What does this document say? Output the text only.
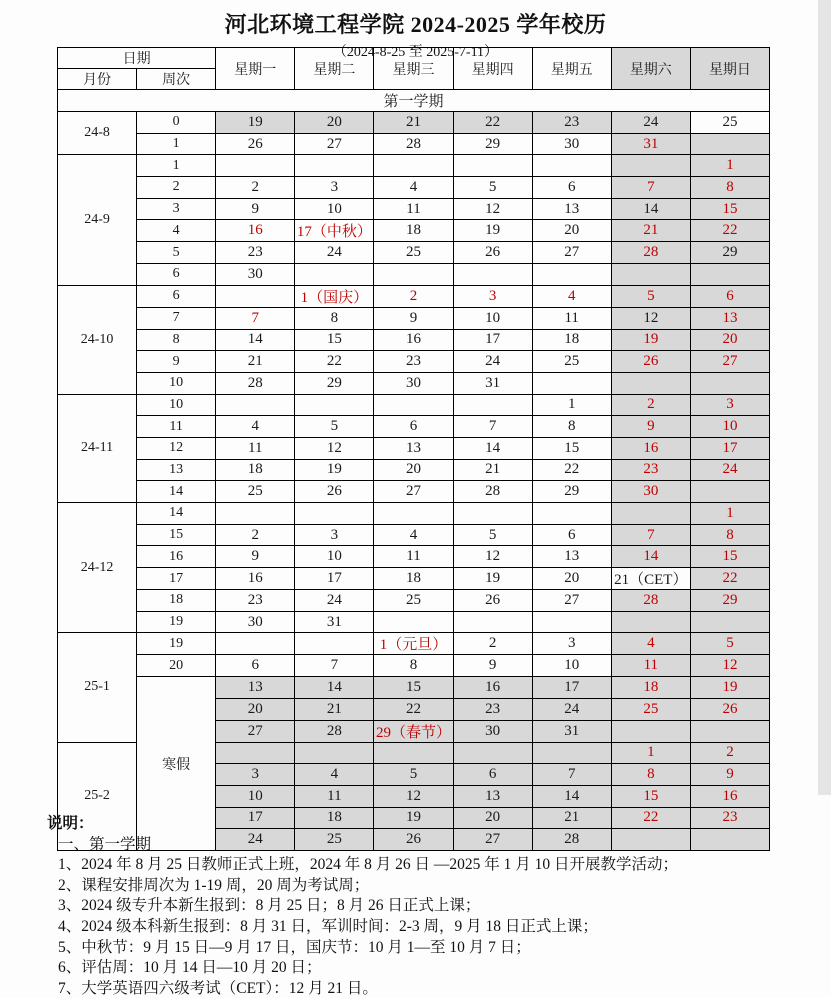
河北环境工程学院 2024-2025 学年校历
（2024-8-25 至 2025-7-11）
日期		星期一	星期二	星期三	星期四	星期五	星期六	星期日
月份	周次							
第一学期								
24-8	0	19	20	21	22	23	24	25
	1	26	27	28	29	30	31	
24-9	1							1
	2	2	3	4	5	6	7	8
	3	9	10	11	12	13	14	15
	4	16	17（中秋）	18	19	20	21	22
	5	23	24	25	26	27	28	29
	6	30						
24-10	6		1（国庆）	2	3	4	5	6
	7	7	8	9	10	11	12	13
	8	14	15	16	17	18	19	20
	9	21	22	23	24	25	26	27
	10	28	29	30	31			
24-11	10					1	2	3
	11	4	5	6	7	8	9	10
	12	11	12	13	14	15	16	17
	13	18	19	20	21	22	23	24
	14	25	26	27	28	29	30	
24-12	14							1
	15	2	3	4	5	6	7	8
	16	9	10	11	12	13	14	15
	17	16	17	18	19	20	21（CET）	22
	18	23	24	25	26	27	28	29
	19	30	31					
25-1	19			1（元旦）	2	3	4	5
	20	6	7	8	9	10	11	12
	寒假	13	14	15	16	17	18	19
		20	21	22	23	24	25	26
		27	28	29（春节）	30	31		
25-2							1	2
		3	4	5	6	7	8	9
		10	11	12	13	14	15	16
		17	18	19	20	21	22	23
		24	25	26	27	28		
说明：
一、第一学期
1、2024 年 8 月 25 日教师正式上班，2024 年 8 月 26 日 —2025 年 1 月 10 日开展教学活动；
2、课程安排周次为 1-19 周，20 周为考试周；
3、2024 级专升本新生报到：8 月 25 日；8 月 26 日正式上课；
4、2024 级本科新生报到：8 月 31 日，军训时间：2-3 周，9 月 18 日正式上课；
5、中秋节：9 月 15 日—9 月 17 日，国庆节：10 月 1—至 10 月 7 日；
6、评估周：10 月 14 日—10 月 20 日；
7、大学英语四六级考试（CET）：12 月 21 日。
